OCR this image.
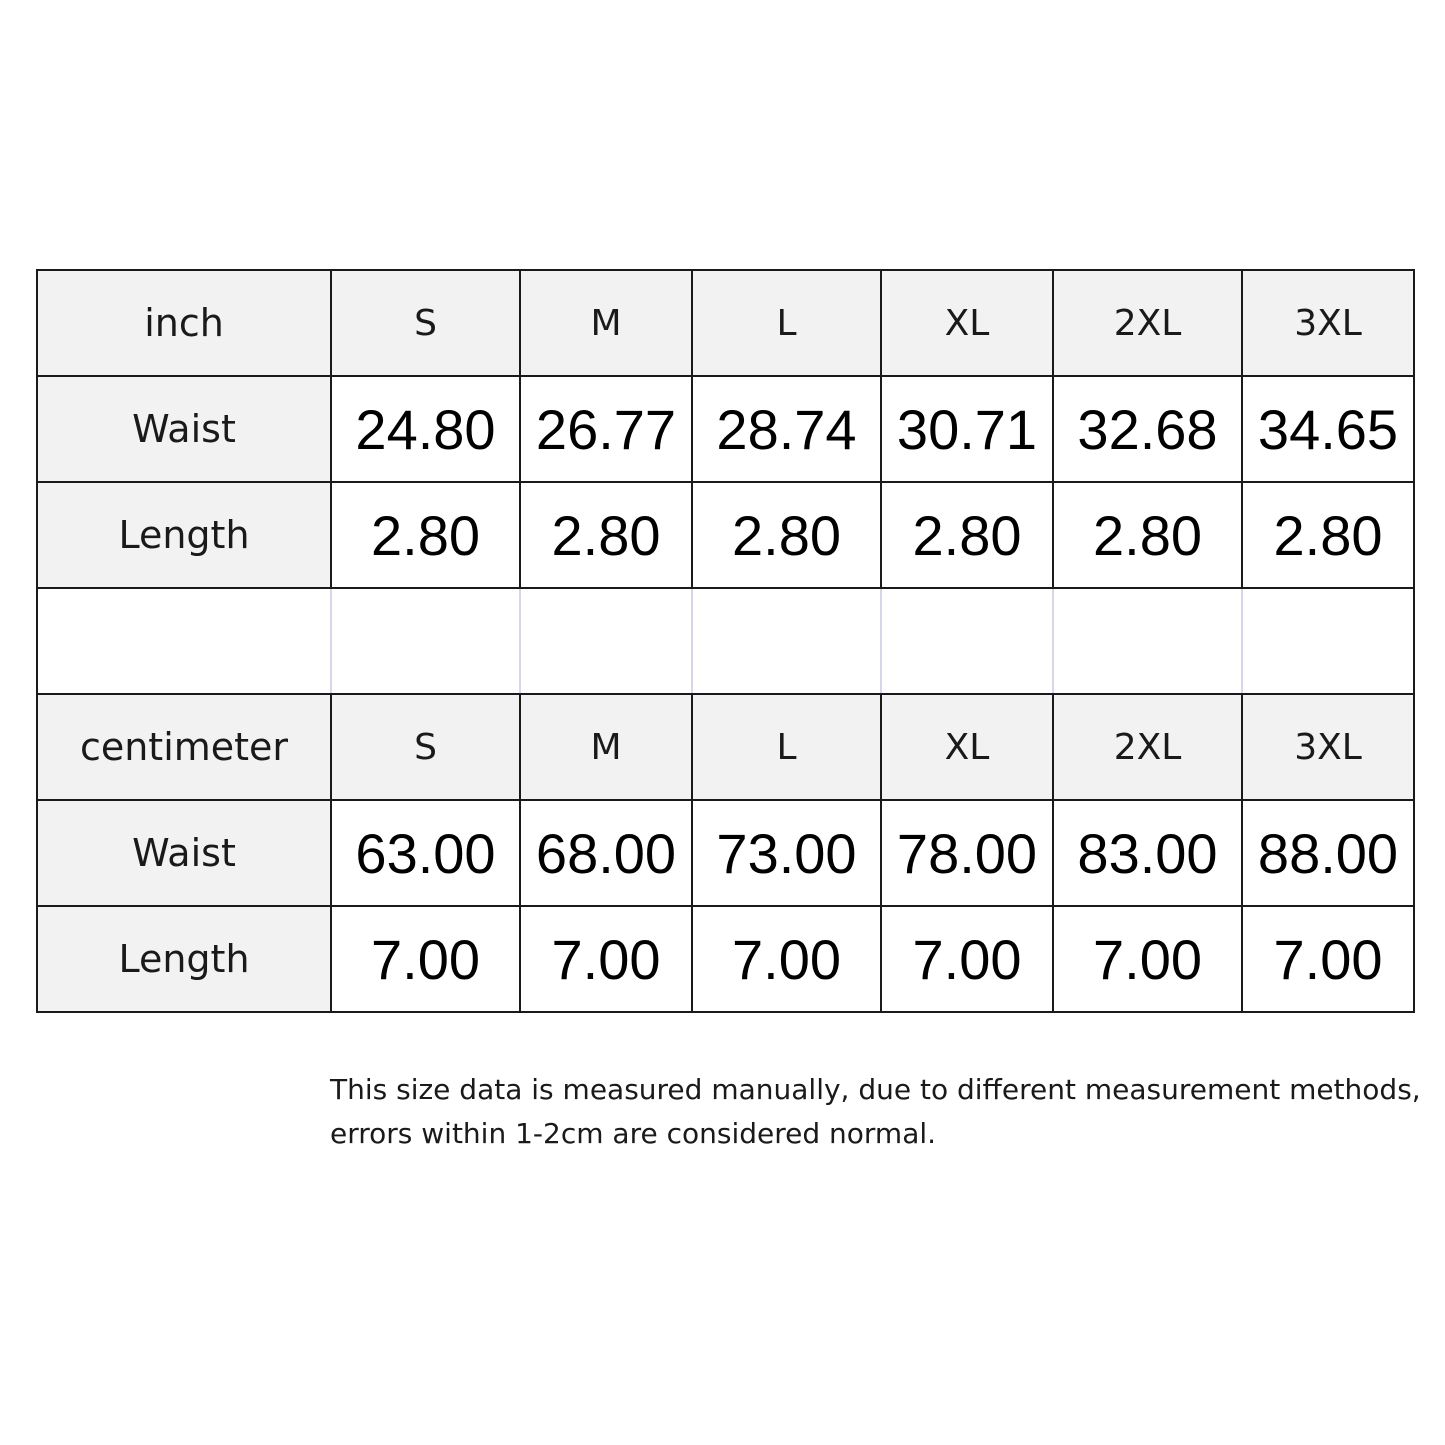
inch	S	M	L	XL	2XL	3XL
Waist	24.80	26.77	28.74	30.71	32.68	34.65
Length	2.80	2.80	2.80	2.80	2.80	2.80

centimeter	S	M	L	XL	2XL	3XL
Waist	63.00	68.00	73.00	78.00	83.00	88.00
Length	7.00	7.00	7.00	7.00	7.00	7.00
This size data is measured manually, due to different measurement methods,
errors within 1-2cm are considered normal.
